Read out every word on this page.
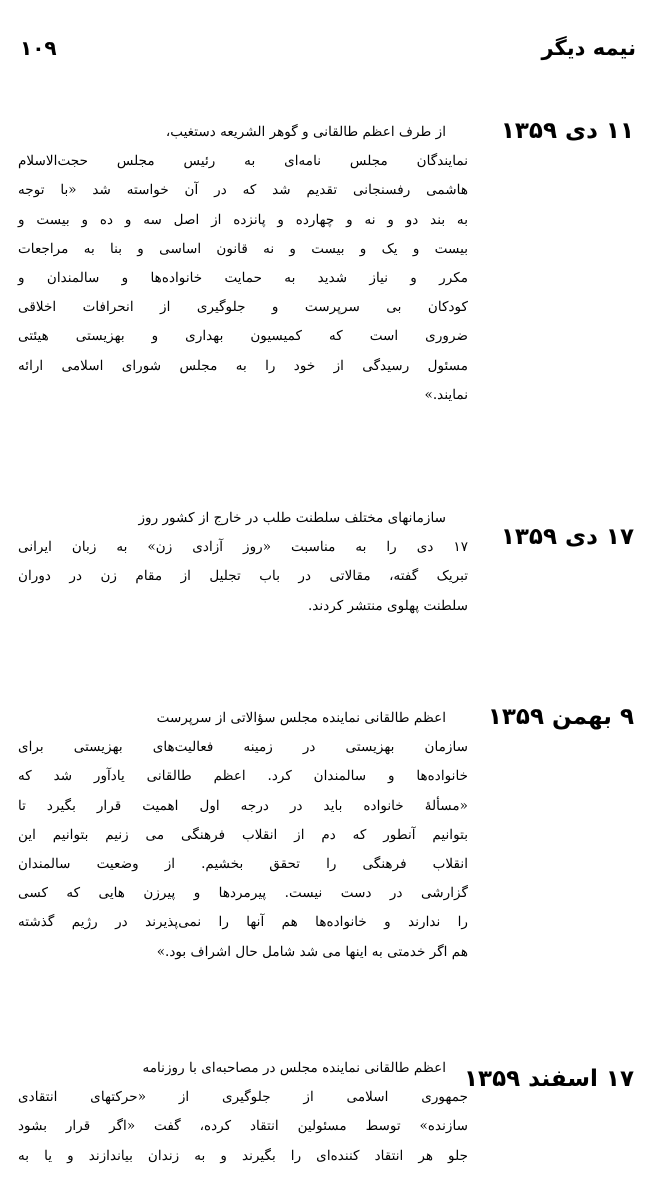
نیمه دیگر
۱۰۹
۱۱ دی ۱۳۵۹
از طرف اعظم طالقانی و گوهر الشریعه دستغیب،
نمایندگان مجلس نامه‌ای به رئیس مجلس حجت‌الاسلام
هاشمی رفسنجانی تقدیم شد که در آن خواسته شد «با توجه
به بند دو و نه و چهارده و پانزده از اصل سه و ده و بیست و
بیست و یک و بیست و نه قانون اساسی و بنا به مراجعات
مکرر و نیاز شدید به حمایت خانواده‌ها و سالمندان و
کودکان بی سرپرست و جلوگیری از انحرافات اخلاقی
ضروری است که کمیسیون بهداری و بهزیستی هیئتی
مسئول رسیدگی از خود را به مجلس شورای اسلامی ارائه
نمایند.»
۱۷ دی ۱۳۵۹
سازمانهای مختلف سلطنت طلب در خارج از کشور روز
۱۷ دی را به مناسبت «روز آزادی زن» به زبان ایرانی
تبریک گفته، مقالاتی در باب تجلیل از مقام زن در دوران
سلطنت پهلوی منتشر کردند.
۹ بهمن ۱۳۵۹
اعظم طالقانی نماینده مجلس سؤالاتی از سرپرست
سازمان بهزیستی در زمینه فعالیت‌های بهزیستی برای
خانواده‌ها و سالمندان کرد. اعظم طالقانی یادآور شد که
«مسألهٔ خانواده باید در درجه اول اهمیت قرار بگیرد تا
بتوانیم آنطور که دم از انقلاب فرهنگی می زنیم بتوانیم این
انقلاب فرهنگی را تحقق بخشیم. از وضعیت سالمندان
گزارشی در دست نیست. پیرمردها و پیرزن هایی که کسی
را ندارند و خانواده‌ها هم آنها را نمی‌پذیرند در رژیم گذشته
هم اگر خدمتی به اینها می شد شامل حال اشراف بود.»
۱۷ اسفند ۱۳۵۹
اعظم طالقانی نماینده مجلس در مصاحبه‌ای با روزنامه
جمهوری اسلامی از جلوگیری از «حرکتهای انتقادی
سازنده» توسط مسئولین انتقاد کرده، گفت «اگر قرار بشود
جلو هر انتقاد کننده‌ای را بگیرند و به زندان بیاندازند و یا به
